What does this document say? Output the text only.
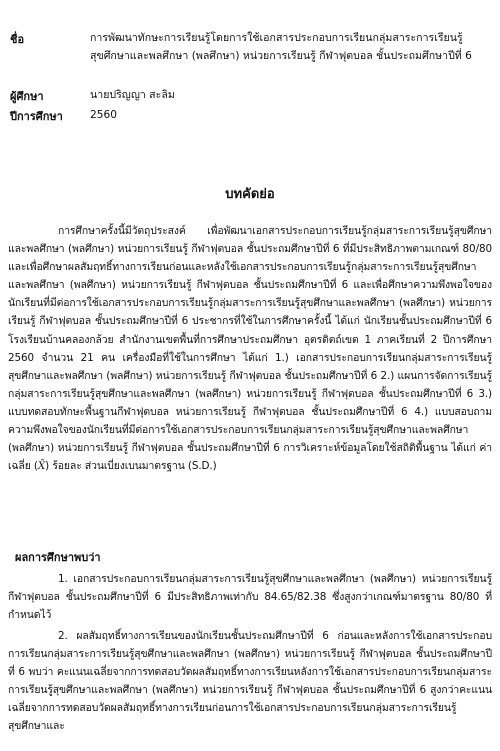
ชื่อ	การพัฒนาทักษะการเรียนรู้โดยการใช้เอกสารประกอบการเรียนกลุ่มสาระการเรียนรู้สุขศึกษาและพลศึกษา (พลศึกษา) หน่วยการเรียนรู้ กีฬาฟุตบอล ชั้นประถมศึกษาปีที่ 6
ผู้ศึกษา	นายปริญญา สะลิม
ปีการศึกษา	2560
บทคัดย่อ
การศึกษาครั้งนี้มีวัตถุประสงค์ เพื่อพัฒนาเอกสารประกอบการเรียนรู้กลุ่มสาระการเรียนรู้สุขศึกษาและพลศึกษา (พลศึกษา) หน่วยการเรียนรู้ กีฬาฟุตบอล ชั้นประถมศึกษาปีที่ 6 ที่มีประสิทธิภาพตามเกณฑ์ 80/80 และเพื่อศึกษาผลสัมฤทธิ์ทางการเรียนก่อนและหลังใช้เอกสารประกอบการเรียนรู้กลุ่มสาระการเรียนรู้สุขศึกษาและพลศึกษา (พลศึกษา) หน่วยการเรียนรู้ กีฬาฟุตบอล ชั้นประถมศึกษาปีที่ 6 และเพื่อศึกษาความพึงพอใจของนักเรียนที่มีต่อการใช้เอกสารประกอบการเรียนรู้กลุ่มสาระการเรียนรู้สุขศึกษาและพลศึกษา (พลศึกษา) หน่วยการเรียนรู้ กีฬาฟุตบอล ชั้นประถมศึกษาปีที่ 6 ประชากรที่ใช้ในการศึกษาครั้งนี้ ได้แก่ นักเรียนชั้นประถมศึกษาปีที่ 6 โรงเรียนบ้านคลองกล้วย สำนักงานเขตพื้นที่การศึกษาประถมศึกษา อุตรดิตถ์เขต 1 ภาคเรียนที่ 2 ปีการศึกษา 2560 จำนวน 21 คน เครื่องมือที่ใช้ในการศึกษา ได้แก่ 1.) เอกสารประกอบการเรียนกลุ่มสาระการเรียนรู้สุขศึกษาและพลศึกษา (พลศึกษา) หน่วยการเรียนรู้ กีฬาฟุตบอล ชั้นประถมศึกษาปีที่ 6 2.) แผนการจัดการเรียนรู้กลุ่มสาระการเรียนรู้สุขศึกษาและพลศึกษา (พลศึกษา) หน่วยการเรียนรู้ กีฬาฟุตบอล ชั้นประถมศึกษาปีที่ 6 3.) แบบทดสอบทักษะพื้นฐานกีฬาฟุตบอล หน่วยการเรียนรู้ กีฬาฟุตบอล ชั้นประถมศึกษาปีที่ 6 4.) แบบสอบถามความพึงพอใจของนักเรียนที่มีต่อการใช้เอกสารประกอบการเรียนกลุ่มสาระการเรียนรู้สุขศึกษาและพลศึกษา (พลศึกษา) หน่วยการเรียนรู้ กีฬาฟุตบอล ชั้นประถมศึกษาปีที่ 6 การวิเคราะห์ข้อมูลโดยใช้สถิติพื้นฐาน ได้แก่ ค่าเฉลี่ย (X̄) ร้อยละ ส่วนเบี่ยงเบนมาตรฐาน (S.D.)
ผลการศึกษาพบว่า
1. เอกสารประกอบการเรียนกลุ่มสาระการเรียนรู้สุขศึกษาและพลศึกษา (พลศึกษา) หน่วยการเรียนรู้ กีฬาฟุตบอล ชั้นประถมศึกษาปีที่ 6 มีประสิทธิภาพเท่ากับ 84.65/82.38 ซึ่งสูงกว่าเกณฑ์มาตรฐาน 80/80 ที่กำหนดไว้
2. ผลสัมฤทธิ์ทางการเรียนของนักเรียนชั้นประถมศึกษาปีที่ 6 ก่อนและหลังการใช้เอกสารประกอบการเรียนกลุ่มสาระการเรียนรู้สุขศึกษาและพลศึกษา (พลศึกษา) หน่วยการเรียนรู้ กีฬาฟุตบอล ชั้นประถมศึกษาปีที่ 6 พบว่า คะแนนเฉลี่ยจากการทดสอบวัดผลสัมฤทธิ์ทางการเรียนหลังการใช้เอกสารประกอบการเรียนกลุ่มสาระการเรียนรู้สุขศึกษาและพลศึกษา (พลศึกษา) หน่วยการเรียนรู้ กีฬาฟุตบอล ชั้นประถมศึกษาปีที่ 6 สูงกว่าคะแนนเฉลี่ยจากการทดสอบวัดผลสัมฤทธิ์ทางการเรียนก่อนการใช้เอกสารประกอบการเรียนกลุ่มสาระการเรียนรู้สุขศึกษาและ
